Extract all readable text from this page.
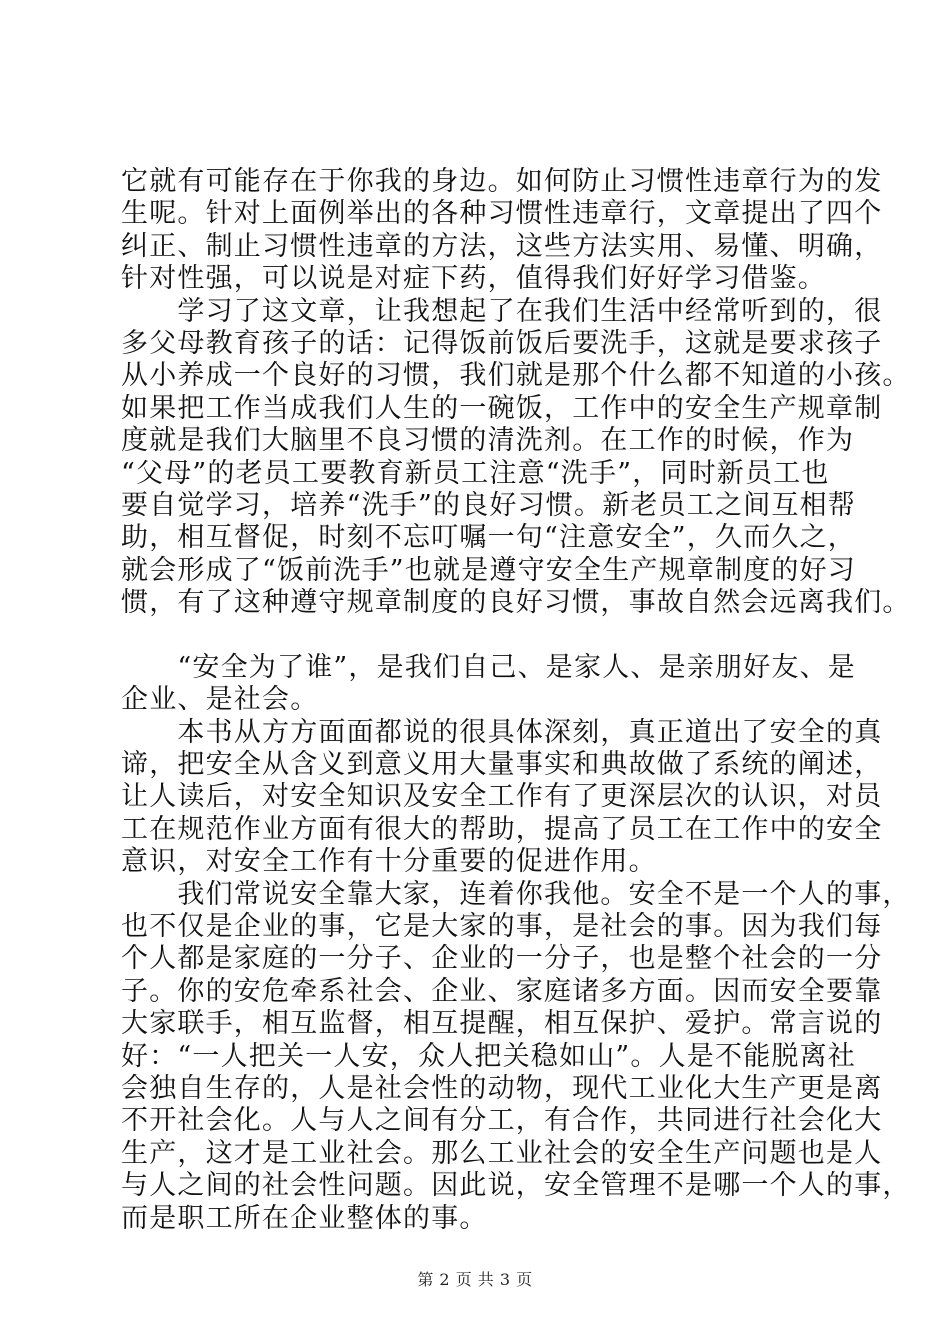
它就有可能存在于你我的身边。如何防止习惯性违章行为的发
生呢。针对上面例举出的各种习惯性违章行，文章提出了四个
纠正、制止习惯性违章的方法，这些方法实用、易懂、明确，
针对性强，可以说是对症下药，值得我们好好学习借鉴。

　　学习了这文章，让我想起了在我们生活中经常听到的，很
多父母教育孩子的话：记得饭前饭后要洗手，这就是要求孩子
从小养成一个良好的习惯，我们就是那个什么都不知道的小孩。
如果把工作当成我们人生的一碗饭，工作中的安全生产规章制
度就是我们大脑里不良习惯的清洗剂。在工作的时候，作为
“父母”的老员工要教育新员工注意“洗手”，同时新员工也
要自觉学习，培养“洗手”的良好习惯。新老员工之间互相帮
助，相互督促，时刻不忘叮嘱一句“注意安全”，久而久之，
就会形成了“饭前洗手”也就是遵守安全生产规章制度的好习
惯，有了这种遵守规章制度的良好习惯，事故自然会远离我们。

　　“安全为了谁”，是我们自己、是家人、是亲朋好友、是
企业、是社会。

　　本书从方方面面都说的很具体深刻，真正道出了安全的真
谛，把安全从含义到意义用大量事实和典故做了系统的阐述，
让人读后，对安全知识及安全工作有了更深层次的认识，对员
工在规范作业方面有很大的帮助，提高了员工在工作中的安全
意识，对安全工作有十分重要的促进作用。

　　我们常说安全靠大家，连着你我他。安全不是一个人的事，
也不仅是企业的事，它是大家的事，是社会的事。因为我们每
个人都是家庭的一分子、企业的一分子，也是整个社会的一分
子。你的安危牵系社会、企业、家庭诸多方面。因而安全要靠
大家联手，相互监督，相互提醒，相互保护、爱护。常言说的
好：“一人把关一人安，众人把关稳如山”。人是不能脱离社
会独自生存的，人是社会性的动物，现代工业化大生产更是离
不开社会化。人与人之间有分工，有合作，共同进行社会化大
生产，这才是工业社会。那么工业社会的安全生产问题也是人
与人之间的社会性问题。因此说，安全管理不是哪一个人的事，
而是职工所在企业整体的事。

第 2 页 共 3 页
